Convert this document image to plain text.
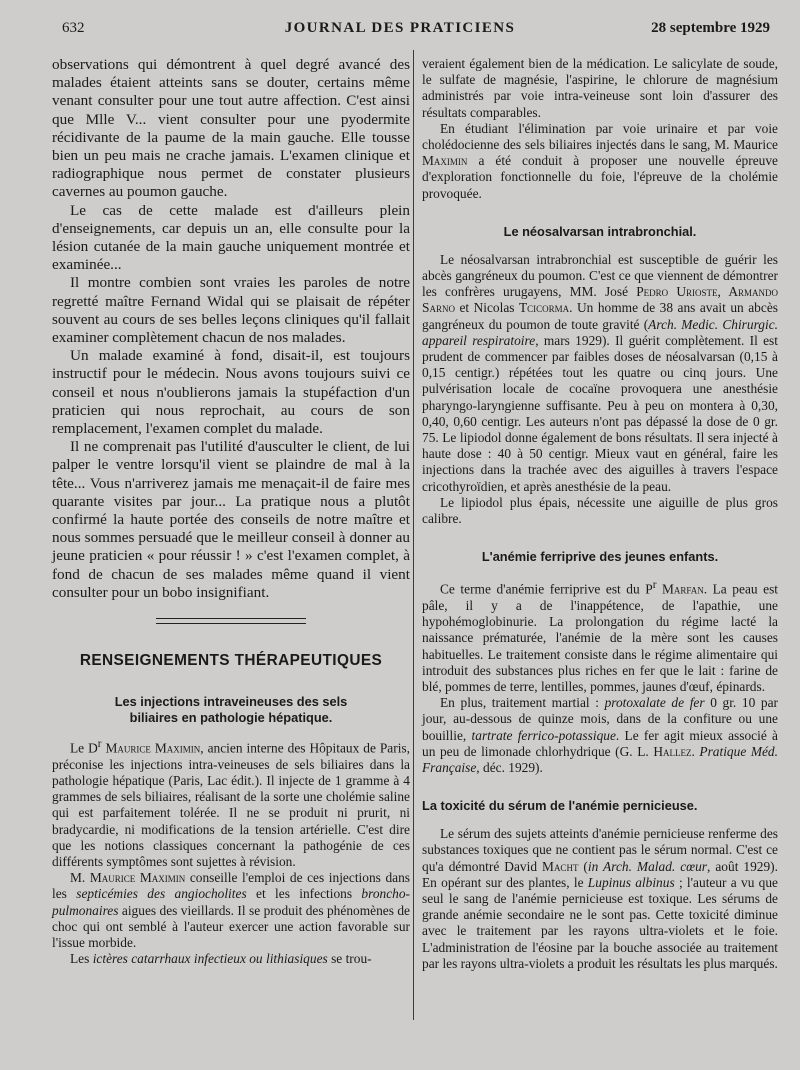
632	JOURNAL DES PRATICIENS	28 septembre 1929

observations qui démontrent à quel degré avancé des malades étaient atteints sans se douter, certains même venant consulter pour une tout autre affection. C'est ainsi que Mlle V... vient consulter pour une pyodermite récidivante de la paume de la main gauche. Elle tousse bien un peu mais ne crache jamais. L'examen clinique et radiographique nous permet de constater plusieurs cavernes au poumon gauche.

Le cas de cette malade est d'ailleurs plein d'enseignements, car depuis un an, elle consulte pour la lésion cutanée de la main gauche uniquement montrée et examinée...

Il montre combien sont vraies les paroles de notre regretté maître Fernand Widal qui se plaisait de répéter souvent au cours de ses belles leçons cliniques qu'il fallait examiner complètement chacun de nos malades.

Un malade examiné à fond, disait-il, est toujours instructif pour le médecin. Nous avons toujours suivi ce conseil et nous n'oublierons jamais la stupéfaction d'un praticien qui nous reprochait, au cours de son remplacement, l'examen complet du malade.

Il ne comprenait pas l'utilité d'ausculter le client, de lui palper le ventre lorsqu'il vient se plaindre de mal à la tête... Vous n'arriverez jamais me menaçait-il de faire mes quarante visites par jour... La pratique nous a plutôt confirmé la haute portée des conseils de notre maître et nous sommes persuadé que le meilleur conseil à donner au jeune praticien « pour réussir ! » c'est l'examen complet, à fond de chacun de ses malades même quand il vient consulter pour un bobo insignifiant.

RENSEIGNEMENTS THÉRAPEUTIQUES
Les injections intraveineuses des sels
biliaires en pathologie hépatique.

Le $D^r$ Maurice Maximin, ancien interne des Hôpitaux de Paris, préconise les injections intra-veineuses de sels biliaires dans la pathologie hépatique (Paris, Lac édit.). Il injecte de 1 gramme à 4 grammes de sels biliaires, réalisant de la sorte une cholémie saline qui est parfaitement tolérée. Il ne se produit ni prurit, ni bradycardie, ni modifications de la tension artérielle. C'est dire que les notions classiques concernant la pathogénie de ces différents symptômes sont sujettes à révision.

M. Maurice Maximin conseille l'emploi de ces injections dans les septicémies des angiocholites et les infections broncho-pulmonaires aigues des vieillards. Il se produit des phénomènes de choc qui ont semblé à l'auteur exercer une action favorable sur l'issue morbide.

Les ictères catarrhaux infectieux ou lithiasiques se trou-

veraient également bien de la médication. Le salicylate de soude, le sulfate de magnésie, l'aspirine, le chlorure de magnésium administrés par voie intra-veineuse sont loin d'assurer des résultats comparables.

En étudiant l'élimination par voie urinaire et par voie cholédocienne des sels biliaires injectés dans le sang, M. Maurice Maximin a été conduit à proposer une nouvelle épreuve d'exploration fonctionnelle du foie, l'épreuve de la cholémie provoquée.

Le néosalvarsan intrabronchial.

Le néosalvarsan intrabronchial est susceptible de guérir les abcès gangréneux du poumon. C'est ce que viennent de démontrer les confrères urugayens, MM. José Pedro Urioste, Armando Sarno et Nicolas Tcicorma. Un homme de 38 ans avait un abcès gangréneux du poumon de toute gravité (Arch. Medic. Chirurgic. appareil respiratoire, mars 1929). Il guérit complètement. Il est prudent de commencer par faibles doses de néosalvarsan (0,15 à 0,15 centigr.) répétées tout les quatre ou cinq jours. Une pulvérisation locale de cocaïne provoquera une anesthésie pharyngo-laryngienne suffisante. Peu à peu on montera à 0,30, 0,40, 0,60 centigr. Les auteurs n'ont pas dépassé la dose de 0 gr. 75. Le lipiodol donne également de bons résultats. Il sera injecté à haute dose : 40 à 50 centigr. Mieux vaut en général, faire les injections dans la trachée avec des aiguilles à travers l'espace cricothyroïdien, et après anesthésie de la peau.

Le lipiodol plus épais, nécessite une aiguille de plus gros calibre.

L'anémie ferriprive des jeunes enfants.

Ce terme d'anémie ferriprive est du $P^r$ Marfan. La peau est pâle, il y a de l'inappétence, de l'apathie, une hypohémoglobinurie. La prolongation du régime lacté la naissance prématurée, l'anémie de la mère sont les causes habituelles. Le traitement consiste dans le régime alimentaire qui introduit des substances plus riches en fer que le lait : farine de blé, pommes de terre, lentilles, pommes, jaunes d'œuf, épinards.

En plus, traitement martial : protoxalate de fer 0 gr. 10 par jour, au-dessous de quinze mois, dans de la confiture ou une bouillie, tartrate ferrico-potassique. Le fer agit mieux associé à un peu de limonade chlorhydrique (G. L. Hallez. Pratique Méd. Française, déc. 1929).

La toxicité du sérum de l'anémie pernicieuse.

Le sérum des sujets atteints d'anémie pernicieuse renferme des substances toxiques que ne contient pas le sérum normal. C'est ce qu'a démontré David Macht (in Arch. Malad. cœur, août 1929). En opérant sur des plantes, le Lupinus albinus ; l'auteur a vu que seul le sang de l'anémie pernicieuse est toxique. Les sérums de grande anémie secondaire ne le sont pas. Cette toxicité diminue avec le traitement par les rayons ultra-violets et le foie. L'administration de l'éosine par la bouche associée au traitement par les rayons ultra-violets a produit les résultats les plus marqués.
